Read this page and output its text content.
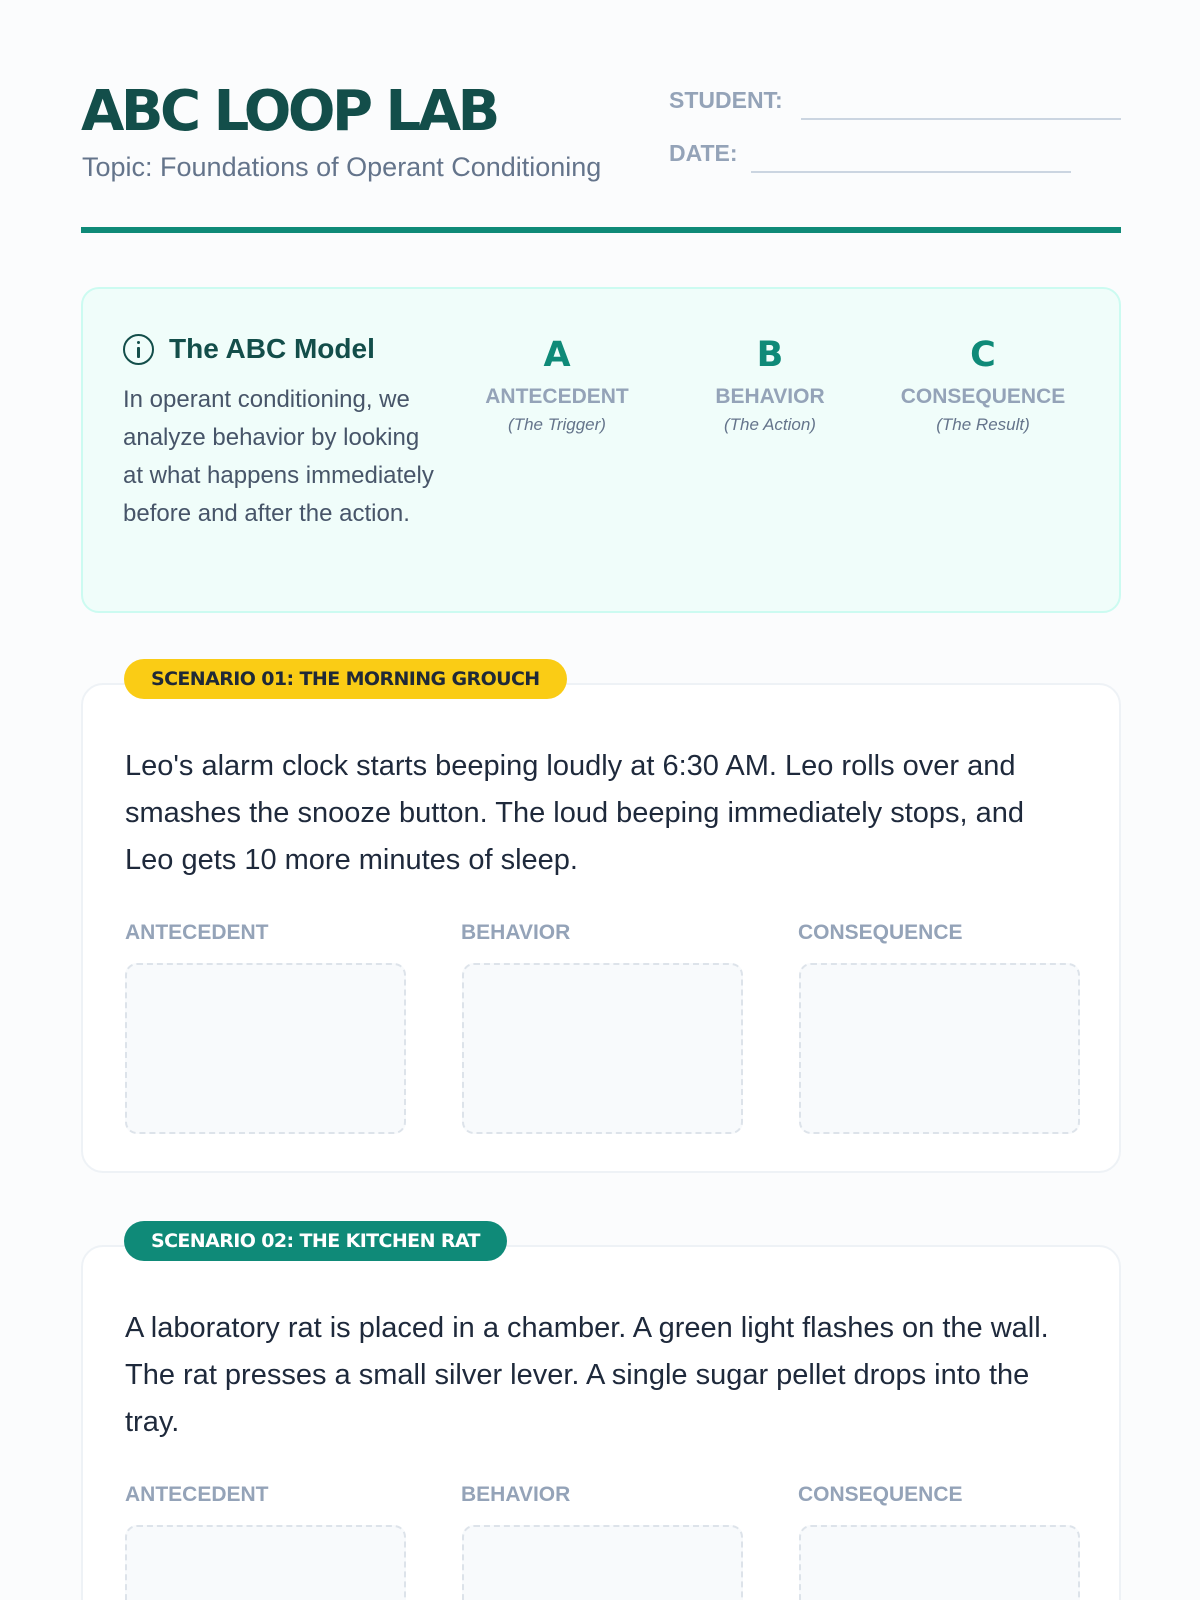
ABC LOOP LAB
Topic: Foundations of Operant Conditioning
STUDENT:
DATE:
The ABC Model
In operant conditioning, we analyze behavior by looking at what happens immediately before and after the action.
A
ANTECEDENT
(The Trigger)
B
BEHAVIOR
(The Action)
C
CONSEQUENCE
(The Result)
Leo's alarm clock starts beeping loudly at 6:30 AM. Leo rolls over and smashes the snooze button. The loud beeping immediately stops, and Leo gets 10 more minutes of sleep.
ANTECEDENT	BEHAVIOR	CONSEQUENCE
SCENARIO 01: THE MORNING GROUCH
A laboratory rat is placed in a chamber. A green light flashes on the wall. The rat presses a small silver lever. A single sugar pellet drops into the tray.
ANTECEDENT	BEHAVIOR	CONSEQUENCE
SCENARIO 02: THE KITCHEN RAT
